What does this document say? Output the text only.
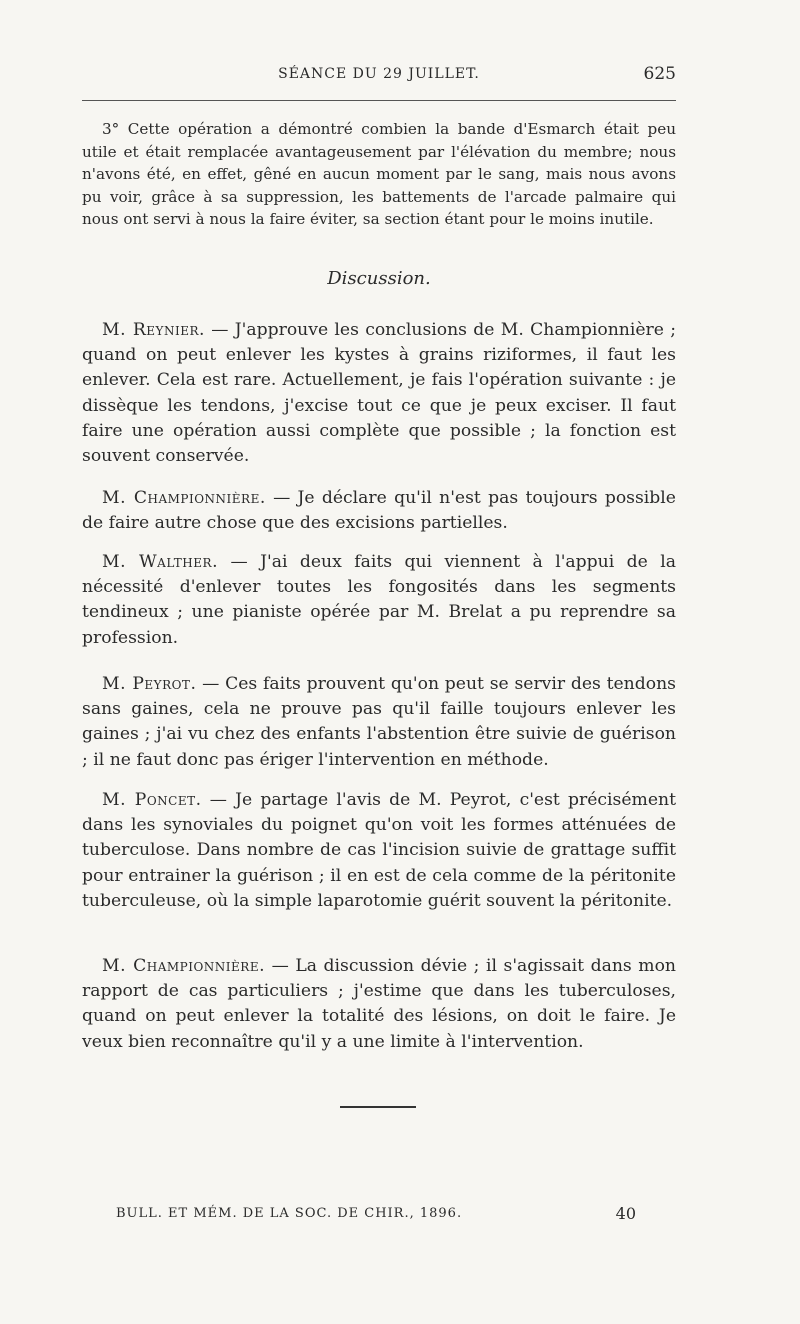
SÉANCE DU 29 JUILLET.	625

3° Cette opération a démontré combien la bande d'Esmarch était peu utile et était remplacée avantageusement par l'élévation du membre; nous n'avons été, en effet, gêné en aucun moment par le sang, mais nous avons pu voir, grâce à sa suppression, les battements de l'arcade palmaire qui nous ont servi à nous la faire éviter, sa section étant pour le moins inutile.

Discussion.

M. Reynier. — J'approuve les conclusions de M. Championnière ; quand on peut enlever les kystes à grains riziformes, il faut les enlever. Cela est rare. Actuellement, je fais l'opération suivante : je dissèque les tendons, j'excise tout ce que je peux exciser. Il faut faire une opération aussi complète que possible ; la fonction est souvent conservée.

M. Championnière. — Je déclare qu'il n'est pas toujours possible de faire autre chose que des excisions partielles.

M. Walther. — J'ai deux faits qui viennent à l'appui de la nécessité d'enlever toutes les fongosités dans les segments tendineux ; une pianiste opérée par M. Brelat a pu reprendre sa profession.

M. Peyrot. — Ces faits prouvent qu'on peut se servir des tendons sans gaines, cela ne prouve pas qu'il faille toujours enlever les gaines ; j'ai vu chez des enfants l'abstention être suivie de guérison ; il ne faut donc pas ériger l'intervention en méthode.

M. Poncet. — Je partage l'avis de M. Peyrot, c'est précisément dans les synoviales du poignet qu'on voit les formes atténuées de tuberculose. Dans nombre de cas l'incision suivie de grattage suffit pour entrainer la guérison ; il en est de cela comme de la péritonite tuberculeuse, où la simple laparotomie guérit souvent la péritonite.

M. Championnière. — La discussion dévie ; il s'agissait dans mon rapport de cas particuliers ; j'estime que dans les tuberculoses, quand on peut enlever la totalité des lésions, on doit le faire. Je veux bien reconnaître qu'il y a une limite à l'intervention.

BULL. ET MÉM. DE LA SOC. DE CHIR., 1896.	40
